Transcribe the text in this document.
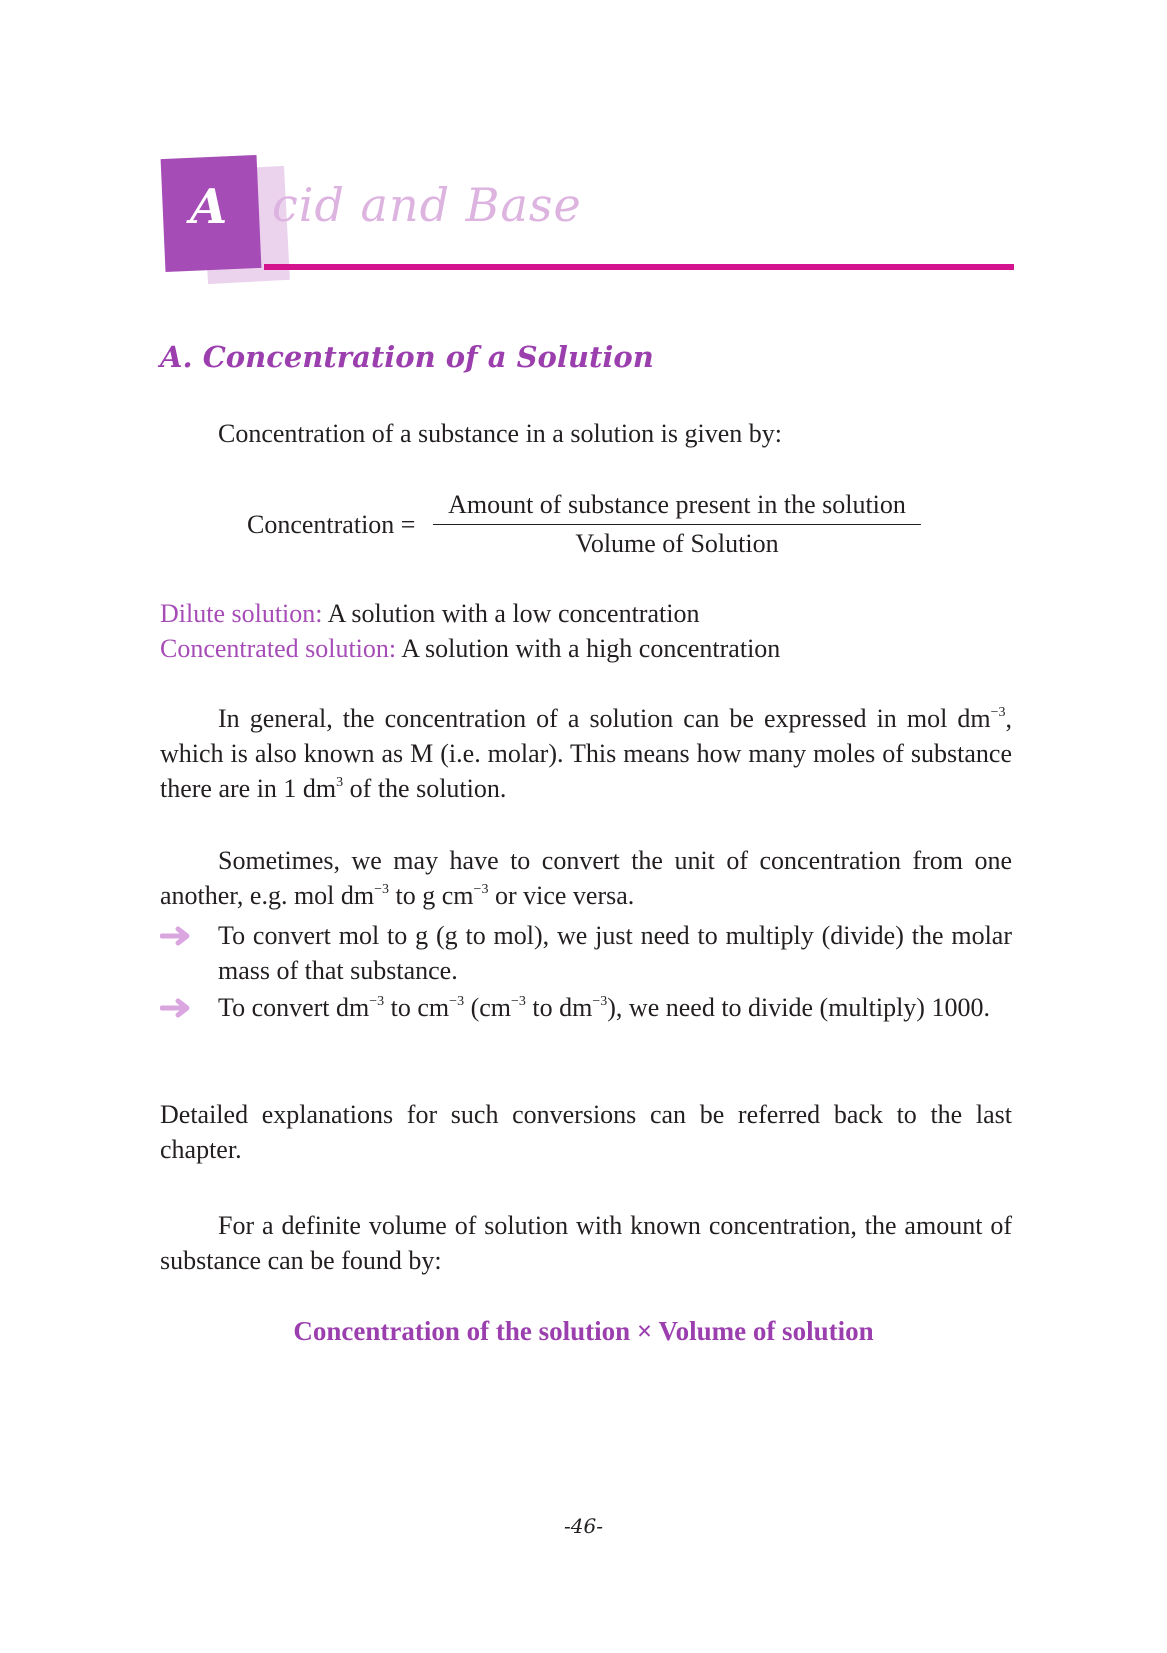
A cid and Base
A. Concentration of a Solution
Concentration of a substance in a solution is given by:
Concentration =
Amount of substance present in the solution
Volume of Solution
Dilute solution: A solution with a low concentration
Concentrated solution: A solution with a high concentration
In general, the concentration of a solution can be expressed in mol $dm^{-3}$, which is also known as M (i.e. molar). This means how many moles of substance there are in 1 $dm^3$ of the solution.
Sometimes, we may have to convert the unit of concentration from one another, e.g. mol $dm^{-3}$ to g $cm^{-3}$ or vice versa.
To convert mol to g (g to mol), we just need to multiply (divide) the molar mass of that substance.
To convert $dm^{-3}$ to $cm^{-3}$ ($cm^{-3}$ to $dm^{-3}$), we need to divide (multiply) 1000.
Detailed explanations for such conversions can be referred back to the last chapter.
For a definite volume of solution with known concentration, the amount of substance can be found by:
Concentration of the solution × Volume of solution
-46-
